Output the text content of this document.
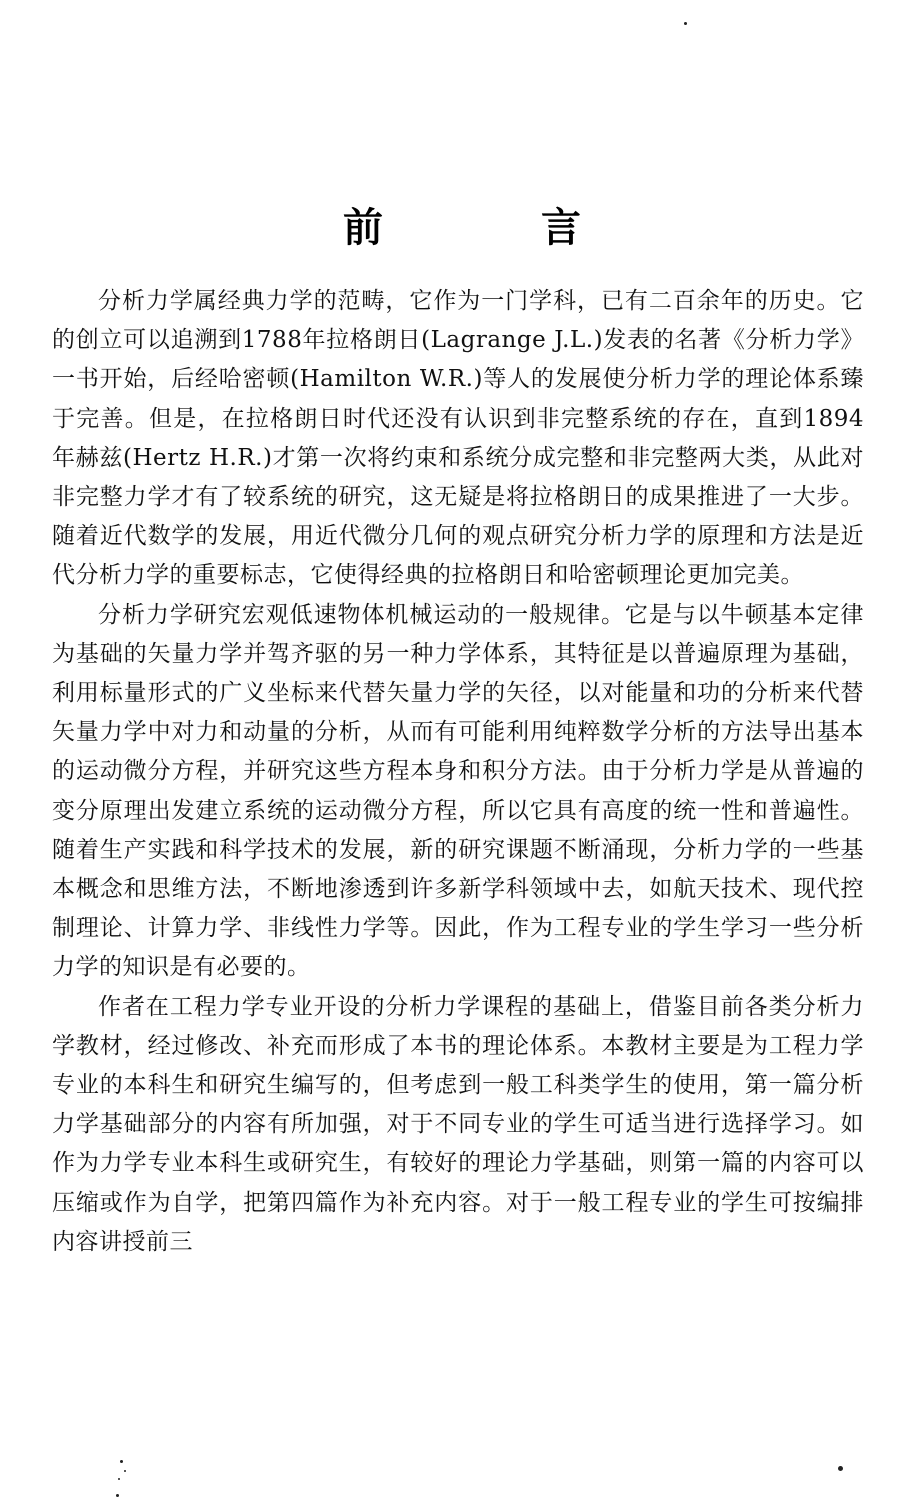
前 言

分析力学属经典力学的范畴，它作为一门学科，已有二百余年的历史。它的创立可以追溯到1788年拉格朗日(Lagrange J.L.)发表的名著《分析力学》一书开始，后经哈密顿(Hamilton W.R.)等人的发展使分析力学的理论体系臻于完善。但是，在拉格朗日时代还没有认识到非完整系统的存在，直到1894年赫兹(Hertz H.R.)才第一次将约束和系统分成完整和非完整两大类，从此对非完整力学才有了较系统的研究，这无疑是将拉格朗日的成果推进了一大步。随着近代数学的发展，用近代微分几何的观点研究分析力学的原理和方法是近代分析力学的重要标志，它使得经典的拉格朗日和哈密顿理论更加完美。

分析力学研究宏观低速物体机械运动的一般规律。它是与以牛顿基本定律为基础的矢量力学并驾齐驱的另一种力学体系，其特征是以普遍原理为基础，利用标量形式的广义坐标来代替矢量力学的矢径，以对能量和功的分析来代替矢量力学中对力和动量的分析，从而有可能利用纯粹数学分析的方法导出基本的运动微分方程，并研究这些方程本身和积分方法。由于分析力学是从普遍的变分原理出发建立系统的运动微分方程，所以它具有高度的统一性和普遍性。随着生产实践和科学技术的发展，新的研究课题不断涌现，分析力学的一些基本概念和思维方法，不断地渗透到许多新学科领域中去，如航天技术、现代控制理论、计算力学、非线性力学等。因此，作为工程专业的学生学习一些分析力学的知识是有必要的。

作者在工程力学专业开设的分析力学课程的基础上，借鉴目前各类分析力学教材，经过修改、补充而形成了本书的理论体系。本教材主要是为工程力学专业的本科生和研究生编写的，但考虑到一般工科类学生的使用，第一篇分析力学基础部分的内容有所加强，对于不同专业的学生可适当进行选择学习。如作为力学专业本科生或研究生，有较好的理论力学基础，则第一篇的内容可以压缩或作为自学，把第四篇作为补充内容。对于一般工程专业的学生可按编排内容讲授前三
